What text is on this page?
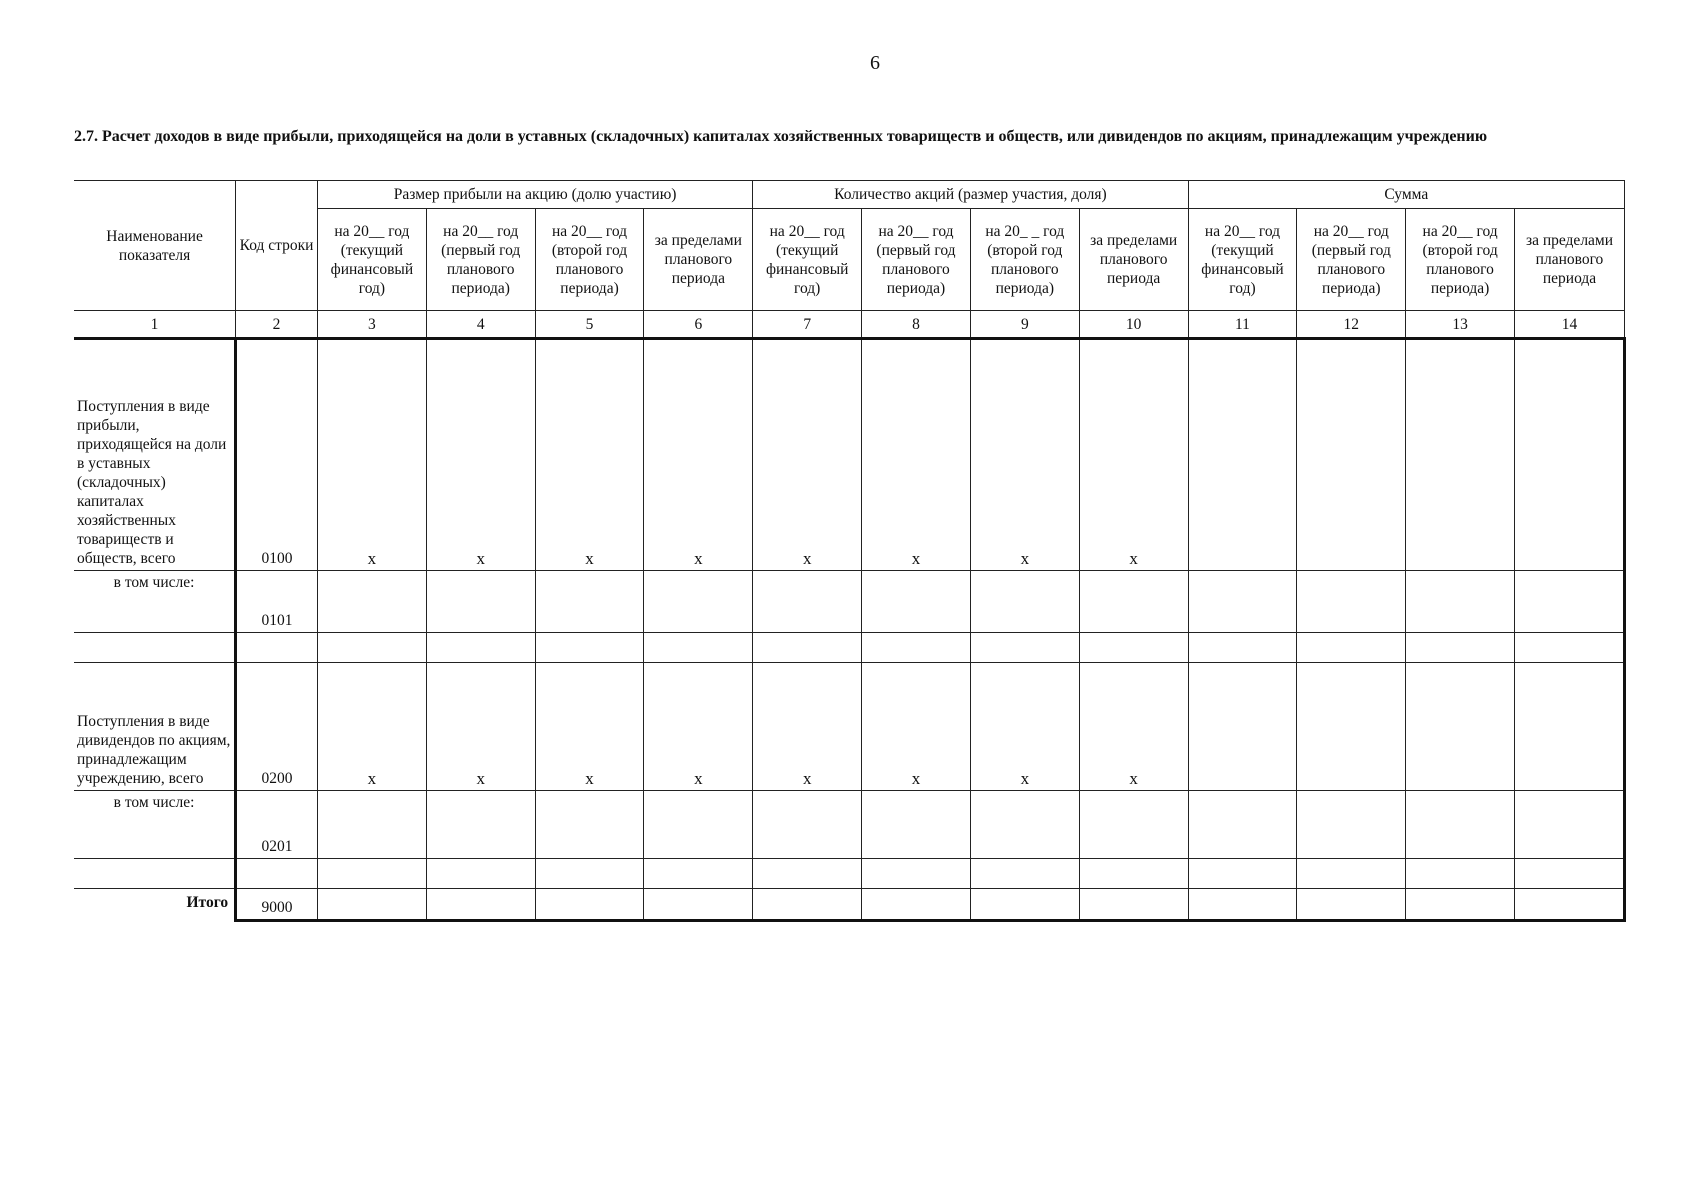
6
2.7. Расчет доходов в виде прибыли, приходящейся на доли в уставных (складочных) капиталах хозяйственных товариществ и обществ, или дивидендов по акциям, принадлежащим учреждению
Наименование показателя	Код строки	Размер прибыли на акцию (долю участию)				Количество акций (размер участия, доля)				Сумма			
		на 20__ год (текущий финансовый год)	на 20__ год (первый год планового периода)	на 20__ год (второй год планового периода)	за пределами планового периода	на 20__ год (текущий финансовый год)	на 20__ год (первый год планового периода)	на 20_ _ год (второй год планового периода)	за пределами планового периода	на 20__ год (текущий финансовый год)	на 20__ год (первый год планового периода)	на 20__ год (второй год планового периода)	за пределами планового периода
1	2	3	4	5	6	7	8	9	10	11	12	13	14
Поступления в виде прибыли, приходящейся на доли в уставных (складочных) капиталах хозяйственных товариществ и обществ, всего	0100	x	x	x	x	x	x	x	x				
в том числе:	0101												

Поступления в виде дивидендов по акциям, принадлежащим учреждению, всего	0200	x	x	x	x	x	x	x	x				
в том числе:	0201												

Итого	9000												
